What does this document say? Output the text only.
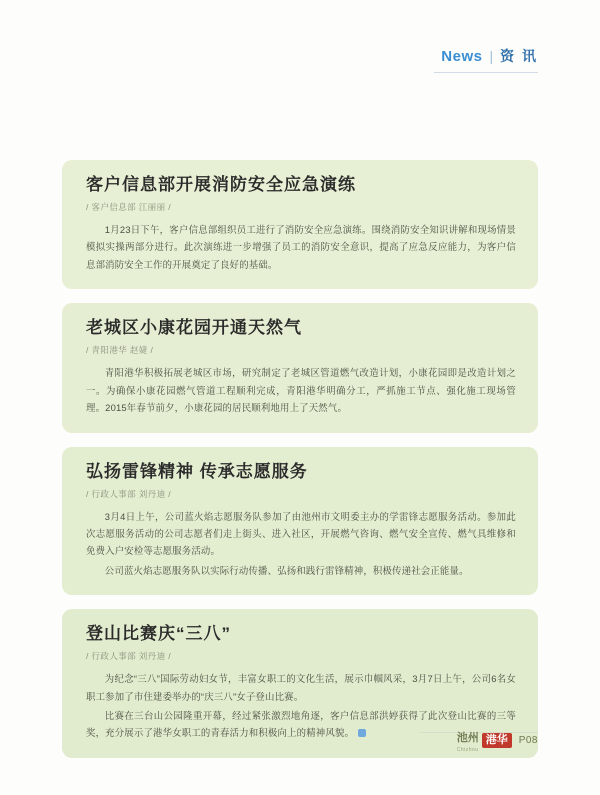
News | 资 讯
客户信息部开展消防安全应急演练
/ 客户信息部 江丽丽 /

1月23日下午，客户信息部组织员工进行了消防安全应急演练。围绕消防安全知识讲解和现场情景模拟实操两部分进行。此次演练进一步增强了员工的消防安全意识，提高了应急反应能力，为客户信息部消防安全工作的开展奠定了良好的基础。

老城区小康花园开通天然气
/ 青阳港华 赵婕 /

青阳港华积极拓展老城区市场，研究制定了老城区管道燃气改造计划，小康花园即是改造计划之一。为确保小康花园燃气管道工程顺利完成，青阳港华明确分工，严抓施工节点、强化施工现场管理。2015年春节前夕，小康花园的居民顺利地用上了天然气。

弘扬雷锋精神 传承志愿服务
/ 行政人事部 刘丹迪 /

3月4日上午，公司蓝火焰志愿服务队参加了由池州市文明委主办的学雷锋志愿服务活动。参加此次志愿服务活动的公司志愿者们走上街头、进入社区，开展燃气咨询、燃气安全宣传、燃气具维修和免费入户安检等志愿服务活动。

公司蓝火焰志愿服务队以实际行动传播、弘扬和践行雷锋精神，积极传递社会正能量。

登山比赛庆“三八”
/ 行政人事部 刘丹迪 /

为纪念“三八”国际劳动妇女节，丰富女职工的文化生活，展示巾帼风采，3月7日上午，公司6名女职工参加了市住建委举办的“庆三八”女子登山比赛。

比赛在三台山公园隆重开幕，经过紧张激烈地角逐，客户信息部洪婷获得了此次登山比赛的三等奖，充分展示了港华女职工的青春活力和积极向上的精神风貌。	池州
Chizhou
港华	P08
